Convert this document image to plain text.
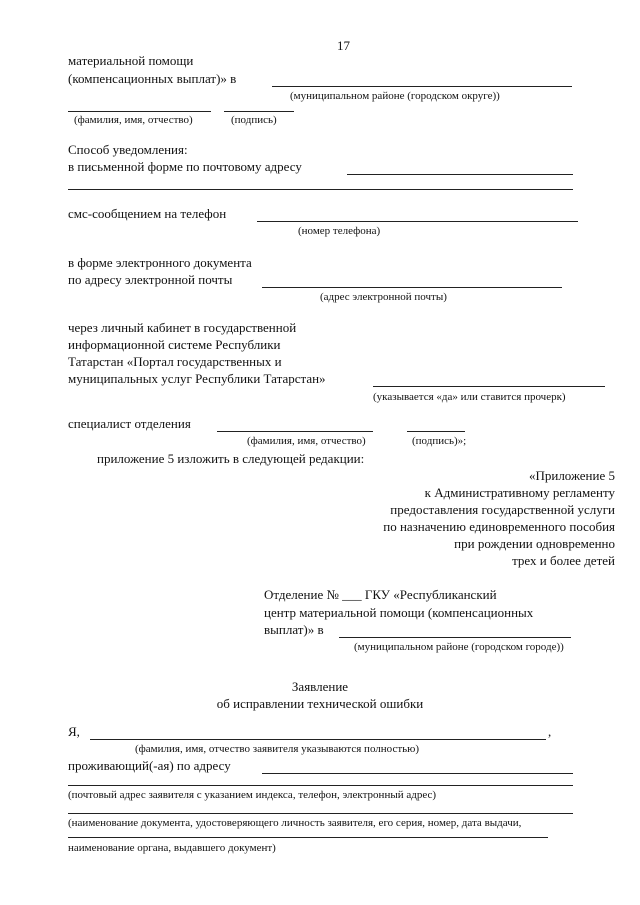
17
материальной помощи
(компенсационных выплат)» в
(муниципальном районе (городском округе))
(фамилия, имя, отчество)	(подпись)
Способ уведомления:
в письменной форме по почтовому адресу
смс-сообщением на телефон
(номер телефона)
в форме электронного документа
по адресу электронной почты
(адрес электронной почты)
через личный кабинет в государственной
информационной системе Республики
Татарстан «Портал государственных и
муниципальных услуг Республики Татарстан»
(указывается «да» или ставится прочерк)
специалист отделения
(фамилия, имя, отчество)	(подпись)»;
приложение 5 изложить в следующей редакции:
«Приложение 5
к Административному регламенту
предоставления государственной услуги
по назначению единовременного пособия
при рождении одновременно
трех и более детей
Отделение № ___ ГКУ «Республиканский
центр материальной помощи (компенсационных
выплат)» в
(муниципальном районе (городском городе))
Заявление
об исправлении технической ошибки
Я,	,
(фамилия, имя, отчество заявителя указываются полностью)
проживающий(-ая) по адресу
(почтовый адрес заявителя с указанием индекса, телефон, электронный адрес)
(наименование документа, удостоверяющего личность заявителя, его серия, номер, дата выдачи,
наименование органа, выдавшего документ)
